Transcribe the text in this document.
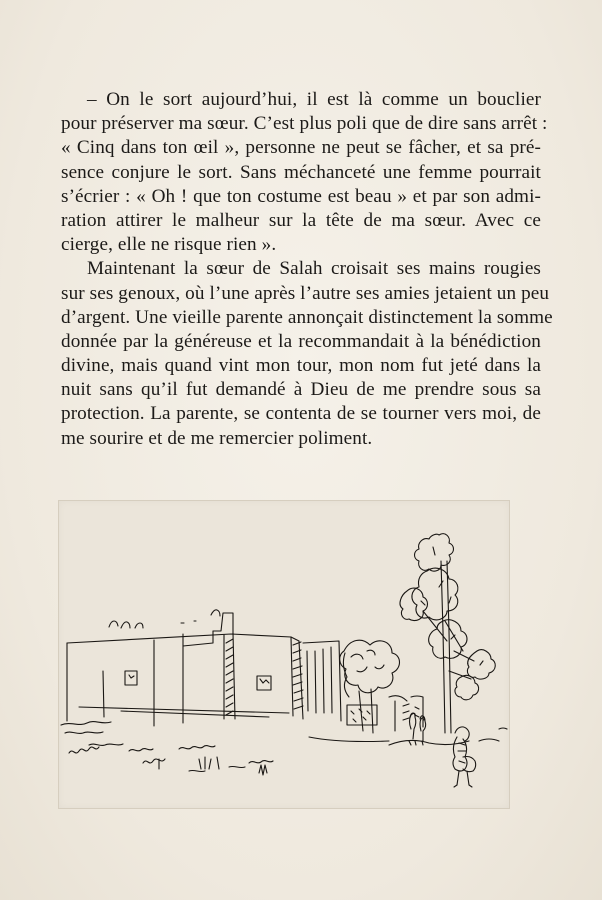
– On le sort aujourd’hui, il est là comme un bouclier
pour préserver ma sœur. C’est plus poli que de dire sans arrêt :
« Cinq dans ton œil », personne ne peut se fâcher, et sa pré-
sence conjure le sort. Sans méchanceté une femme pourrait
s’écrier : « Oh ! que ton costume est beau » et par son admi-
ration attirer le malheur sur la tête de ma sœur. Avec ce
cierge, elle ne risque rien ».
Maintenant la sœur de Salah croisait ses mains rougies
sur ses genoux, où l’une après l’autre ses amies jetaient un peu
d’argent. Une vieille parente annonçait distinctement la somme
donnée par la généreuse et la recommandait à la bénédiction
divine, mais quand vint mon tour, mon nom fut jeté dans la
nuit sans qu’il fut demandé à Dieu de me prendre sous sa
protection. La parente, se contenta de se tourner vers moi, de
me sourire et de me remercier poliment.
